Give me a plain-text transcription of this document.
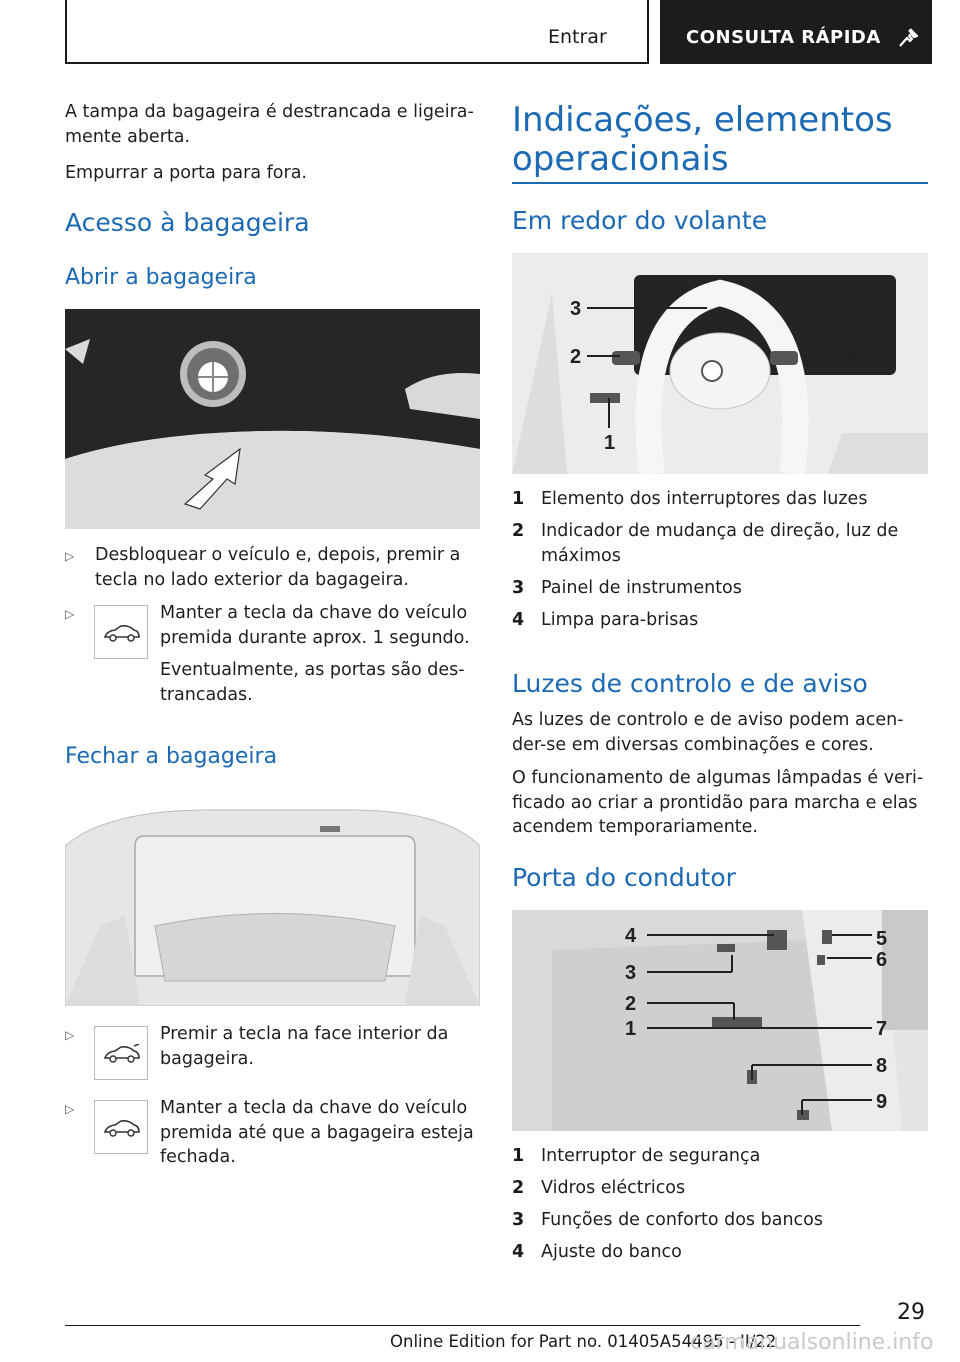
Entrar	CONSULTA RÁPIDA
A tampa da bagageira é destrancada e ligeira-mente aberta.
Empurrar a porta para fora.
Acesso à bagageira
Abrir a bagageira
▷ Desbloquear o veículo e, depois, premir a tecla no lado exterior da bagageira.
▷	Manter a tecla da chave do veículo premida durante aprox. 1 segundo.
Eventualmente, as portas são des-trancadas.
Fechar a bagageira
▷	Premir a tecla na face interior da bagageira.
▷	Manter a tecla da chave do veículo premida até que a bagageira esteja fechada.
Indicações, elementos operacionais
Em redor do volante
1
2
3
4
1 Elemento dos interruptores das luzes
2 Indicador de mudança de direção, luz de máximos
3 Painel de instrumentos
4 Limpa para-brisas
Luzes de controlo e de aviso
As luzes de controlo e de aviso podem acen-der-se em diversas combinações e cores.
O funcionamento de algumas lâmpadas é veri-ficado ao criar a prontidão para marcha e elas acendem temporariamente.
Porta do condutor
1
2
3
4	5
6
7
8
9
1 Interruptor de segurança
2 Vidros eléctricos
3 Funções de conforto dos bancos
4 Ajuste do banco
29
Online Edition for Part no. 01405A54495 - II/22
carmanualsonline.info
